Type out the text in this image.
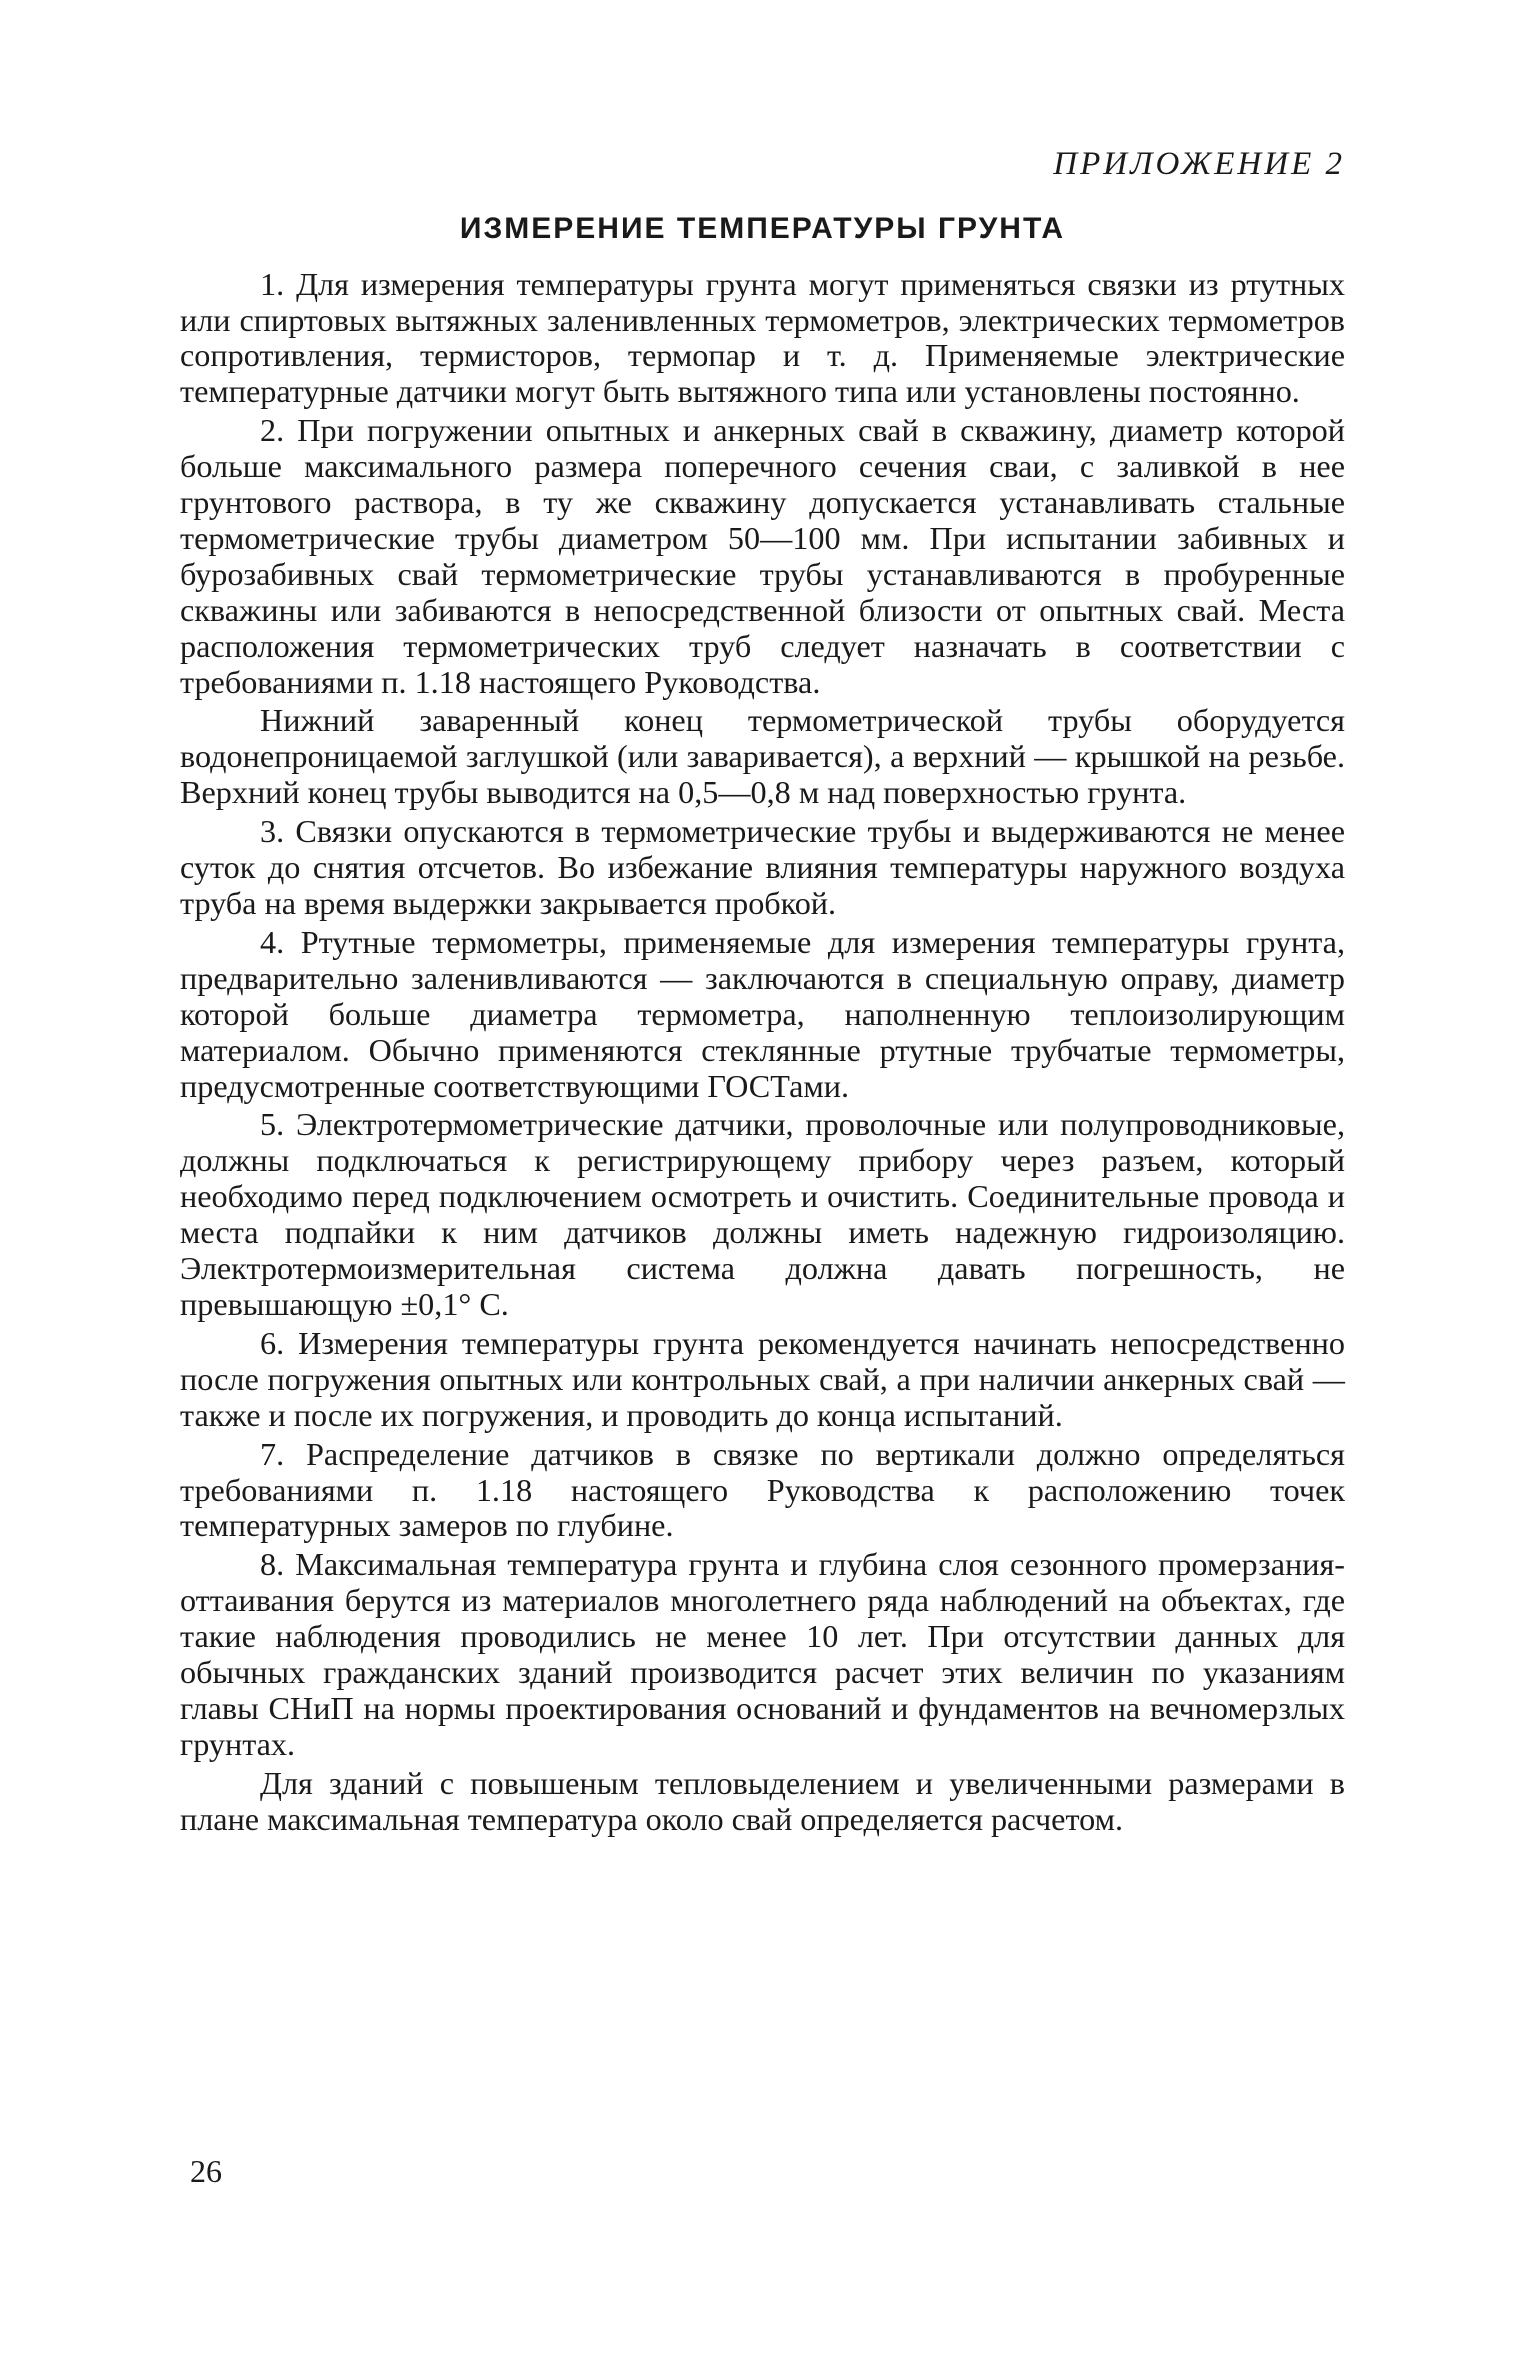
ПРИЛОЖЕНИЕ 2
ИЗМЕРЕНИЕ ТЕМПЕРАТУРЫ ГРУНТА

1. Для измерения температуры грунта могут применяться связки из ртутных или спиртовых вытяжных заленивленных термометров, электрических термометров сопротивления, термисторов, термопар и т. д. Применяемые электрические температурные датчики могут быть вытяжного типа или установлены постоянно.

2. При погружении опытных и анкерных свай в скважину, диаметр которой больше максимального размера поперечного сечения сваи, с заливкой в нее грунтового раствора, в ту же скважину допускается устанавливать стальные термометрические трубы диаметром 50—100 мм. При испытании забивных и бурозабивных свай термометрические трубы устанавливаются в пробуренные скважины или забиваются в непосредственной близости от опытных свай. Места расположения термометрических труб следует назначать в соответствии с требованиями п. 1.18 настоящего Руководства.

Нижний заваренный конец термометрической трубы оборудуется водонепроницаемой заглушкой (или заваривается), а верхний — крышкой на резьбе. Верхний конец трубы выводится на 0,5—0,8 м над поверхностью грунта.

3. Связки опускаются в термометрические трубы и выдерживаются не менее суток до снятия отсчетов. Во избежание влияния температуры наружного воздуха труба на время выдержки закрывается пробкой.

4. Ртутные термометры, применяемые для измерения температуры грунта, предварительно заленивливаются — заключаются в специальную оправу, диаметр которой больше диаметра термометра, наполненную теплоизолирующим материалом. Обычно применяются стеклянные ртутные трубчатые термометры, предусмотренные соответствующими ГОСТами.

5. Электротермометрические датчики, проволочные или полупроводниковые, должны подключаться к регистрирующему прибору через разъем, который необходимо перед подключением осмотреть и очистить. Соединительные провода и места подпайки к ним датчиков должны иметь надежную гидроизоляцию. Электротермоизмерительная система должна давать погрешность, не превышающую ±0,1° С.

6. Измерения температуры грунта рекомендуется начинать непосредственно после погружения опытных или контрольных свай, а при наличии анкерных свай — также и после их погружения, и проводить до конца испытаний.

7. Распределение датчиков в связке по вертикали должно определяться требованиями п. 1.18 настоящего Руководства к расположению точек температурных замеров по глубине.

8. Максимальная температура грунта и глубина слоя сезонного промерзания-оттаивания берутся из материалов многолетнего ряда наблюдений на объектах, где такие наблюдения проводились не менее 10 лет. При отсутствии данных для обычных гражданских зданий производится расчет этих величин по указаниям главы СНиП на нормы проектирования оснований и фундаментов на вечномерзлых грунтах.

Для зданий с повышеным тепловыделением и увеличенными размерами в плане максимальная температура около свай определяется расчетом.

26
